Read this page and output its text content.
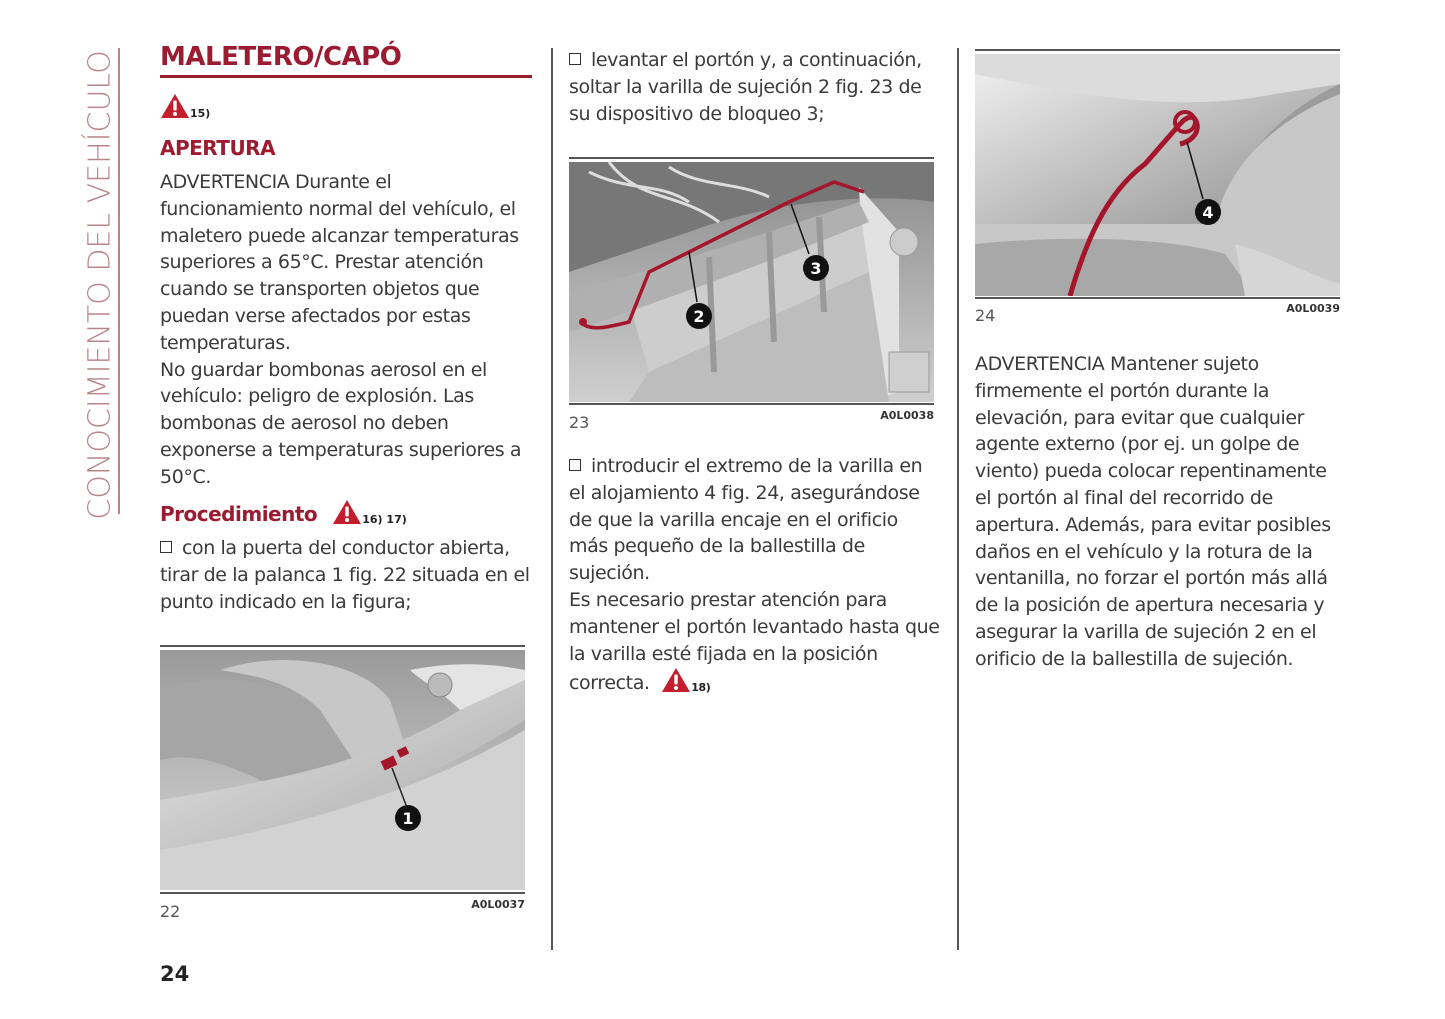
CONOCIMIENTO DEL VEHÍCULO MALETERO/CAPÓ
15)
APERTURA

ADVERTENCIA Durante el funcionamiento normal del vehículo, el maletero puede alcanzar temperaturas superiores a 65°C. Prestar atención cuando se transporten objetos que puedan verse afectados por estas temperaturas.

No guardar bombonas aerosol en el vehículo: peligro de explosión. Las bombonas de aerosol no deben exponerse a temperaturas superiores a 50°C.

Procedimiento	16) 17)

con la puerta del conductor abierta, tirar de la palanca 1 fig. 22 situada en el punto indicado en la figura;

1
22	A0L0037

levantar el portón y, a continuación, soltar la varilla de sujeción 2 fig. 23 de su dispositivo de bloqueo 3;

2
3
23	A0L0038

introducir el extremo de la varilla en el alojamiento 4 fig. 24, asegurándose de que la varilla encaje en el orificio más pequeño de la ballestilla de sujeción.

Es necesario prestar atención para mantener el portón levantado hasta que la varilla esté fijada en la posición correcta.	18)

4
24	A0L0039

ADVERTENCIA Mantener sujeto firmemente el portón durante la elevación, para evitar que cualquier agente externo (por ej. un golpe de viento) pueda colocar repentinamente el portón al final del recorrido de apertura. Además, para evitar posibles daños en el vehículo y la rotura de la ventanilla, no forzar el portón más allá de la posición de apertura necesaria y asegurar la varilla de sujeción 2 en el orificio de la ballestilla de sujeción.

24
